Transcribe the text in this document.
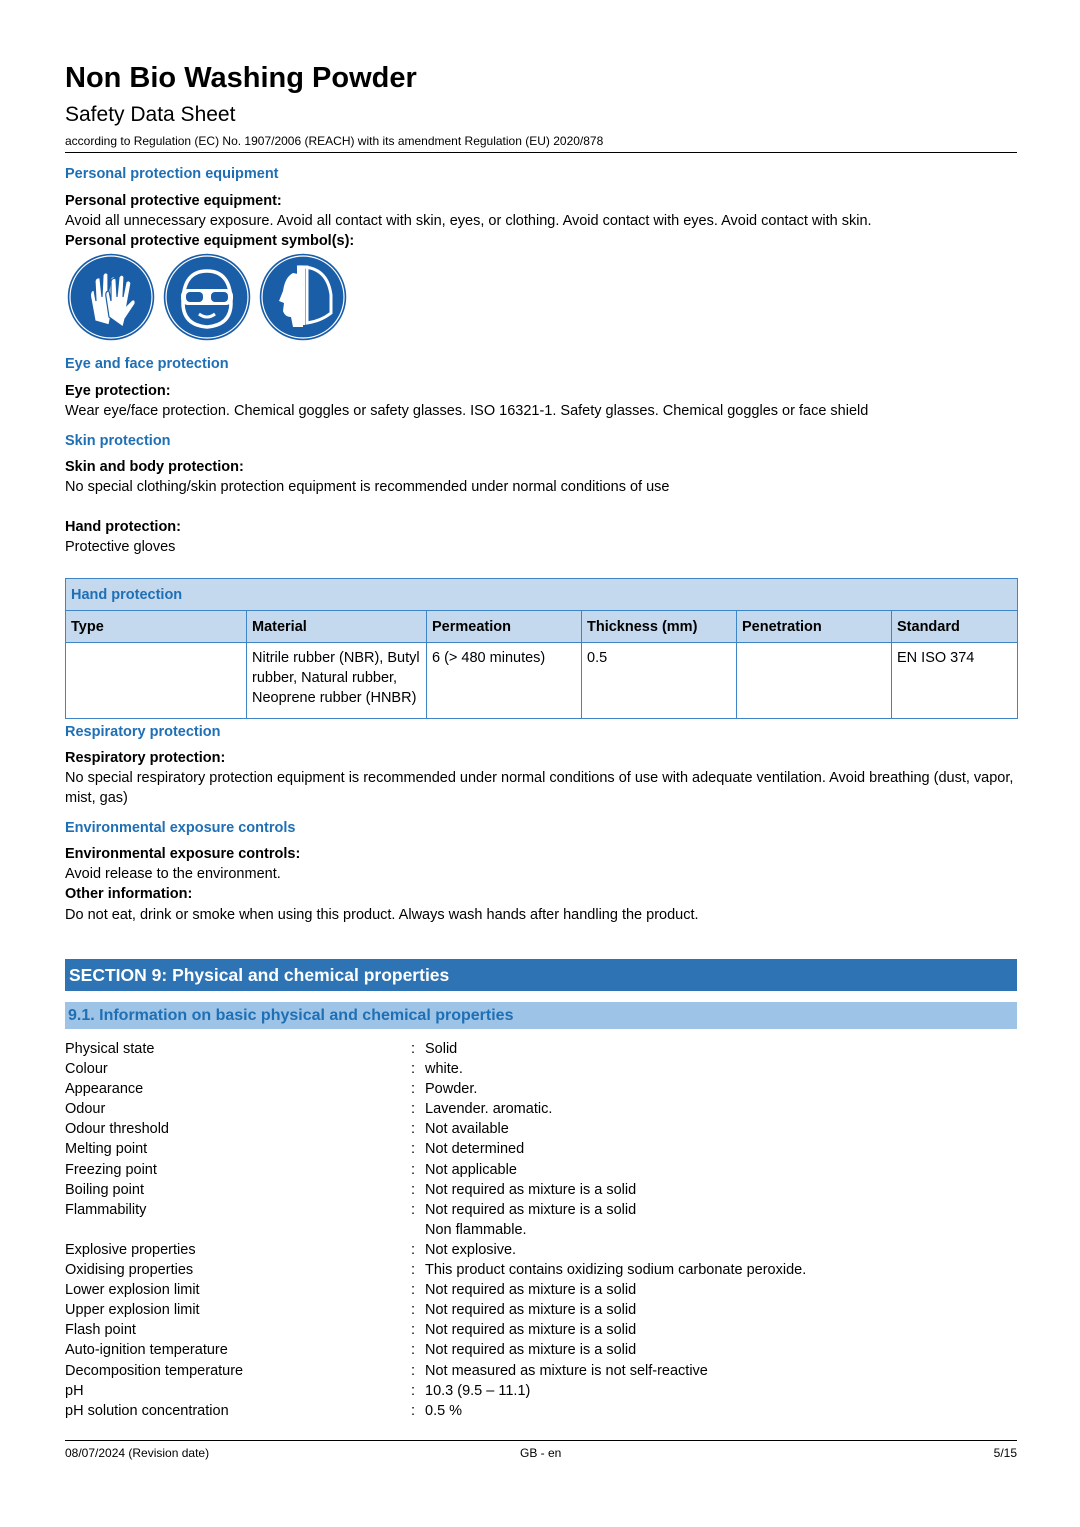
Non Bio Washing Powder
Safety Data Sheet
according to Regulation (EC) No. 1907/2006 (REACH) with its amendment Regulation (EU) 2020/878
Personal protection equipment
Personal protective equipment:
Avoid all unnecessary exposure. Avoid all contact with skin, eyes, or clothing. Avoid contact with eyes. Avoid contact with skin.
Personal protective equipment symbol(s):
Eye and face protection
Eye protection:
Wear eye/face protection. Chemical goggles or safety glasses. ISO 16321-1. Safety glasses. Chemical goggles or face shield
Skin protection
Skin and body protection:
No special clothing/skin protection equipment is recommended under normal conditions of use
Hand protection:
Protective gloves
Hand protection					
Type	Material	Permeation	Thickness (mm)	Penetration	Standard
	Nitrile rubber (NBR), Butyl rubber, Natural rubber, Neoprene rubber (HNBR)	6 (> 480 minutes)	0.5		EN ISO 374
Respiratory protection
Respiratory protection:
No special respiratory protection equipment is recommended under normal conditions of use with adequate ventilation. Avoid breathing (dust, vapor, mist, gas)
Environmental exposure controls
Environmental exposure controls:
Avoid release to the environment.
Other information:
Do not eat, drink or smoke when using this product. Always wash hands after handling the product.
SECTION 9: Physical and chemical properties
9.1. Information on basic physical and chemical properties
Physical state	: Solid
Colour	: white.
Appearance	: Powder.
Odour	: Lavender. aromatic.
Odour threshold	: Not available
Melting point	: Not determined
Freezing point	: Not applicable
Boiling point	: Not required as mixture is a solid
Flammability	: Not required as mixture is a solid
Non flammable.
Explosive properties	: Not explosive.
Oxidising properties	: This product contains oxidizing sodium carbonate peroxide.
Lower explosion limit	: Not required as mixture is a solid
Upper explosion limit	: Not required as mixture is a solid
Flash point	: Not required as mixture is a solid
Auto-ignition temperature	: Not required as mixture is a solid
Decomposition temperature	: Not measured as mixture is not self-reactive
pH	: 10.3 (9.5 – 11.1)
pH solution concentration	: 0.5 %
08/07/2024 (Revision date)	GB - en	5/15
